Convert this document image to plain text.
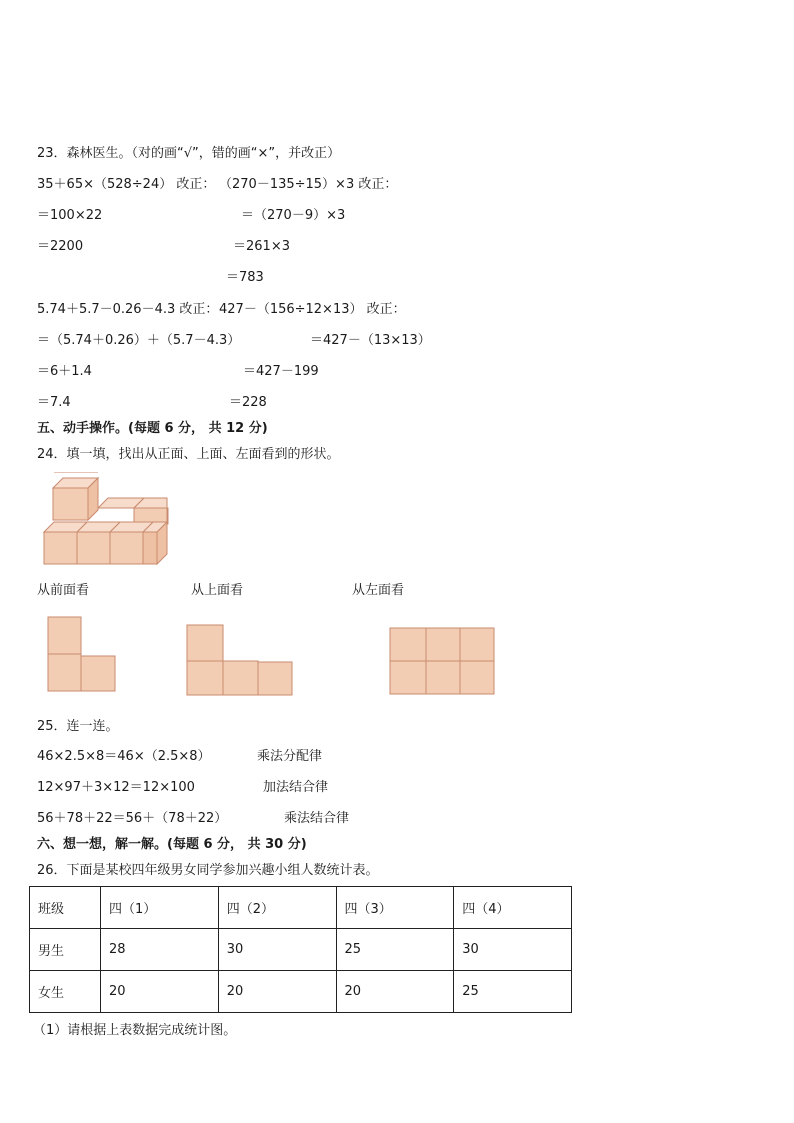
23．森林医生。（对的画“√”，错的画“×”，并改正）
35＋65×（528÷24） 改正： （270－135÷15）×3 改正：
＝100×22	＝（270－9）×3
＝2200	＝261×3
＝783
5.74＋5.7－0.26－4.3 改正： 427－（156÷12×13） 改正：
＝（5.74＋0.26）＋（5.7－4.3）	＝427－（13×13）
＝6＋1.4	＝427－199
＝7.4	＝228
五、动手操作。(每题 6 分， 共 12 分)
24．填一填，找出从正面、上面、左面看到的形状。
从前面看	从上面看	从左面看
25．连一连。
46×2.5×8＝46×（2.5×8）	乘法分配律
12×97＋3×12＝12×100	加法结合律
56＋78＋22＝56＋（78＋22）	乘法结合律
六、想一想，解一解。(每题 6 分， 共 30 分)
26．下面是某校四年级男女同学参加兴趣小组人数统计表。
班级	四（1）	四（2）	四（3）	四（4）
男生	28	30	25	30
女生	20	20	20	25
（1）请根据上表数据完成统计图。
